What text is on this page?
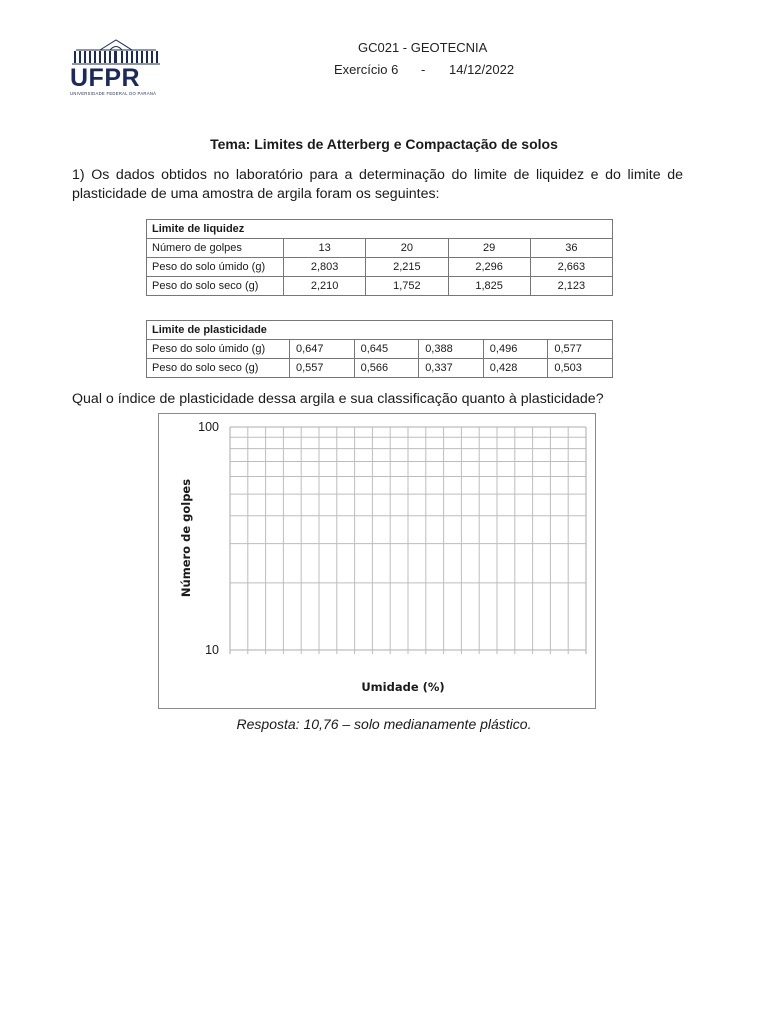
UFPR
UNIVERSIDADE FEDERAL DO PARANÁ
GC021 - GEOTECNIA
Exercício 6 - 14/12/2022
Tema: Limites de Atterberg e Compactação de solos
1) Os dados obtidos no laboratório para a determinação do limite de liquidez e do limite de plasticidade de uma amostra de argila foram os seguintes:
Limite de liquidez				
Número de golpes	13	20	29	36
Peso do solo úmido (g)	2,803	2,215	2,296	2,663
Peso do solo seco (g)	2,210	1,752	1,825	2,123
Limite de plasticidade					
Peso do solo úmido (g)	0,647	0,645	0,388	0,496	0,577
Peso do solo seco (g)	0,557	0,566	0,337	0,428	0,503
Qual o índice de plasticidade dessa argila e sua classificação quanto à plasticidade?
100
10
Umidade (%)
Número de golpes
Resposta: 10,76 – solo medianamente plástico.
